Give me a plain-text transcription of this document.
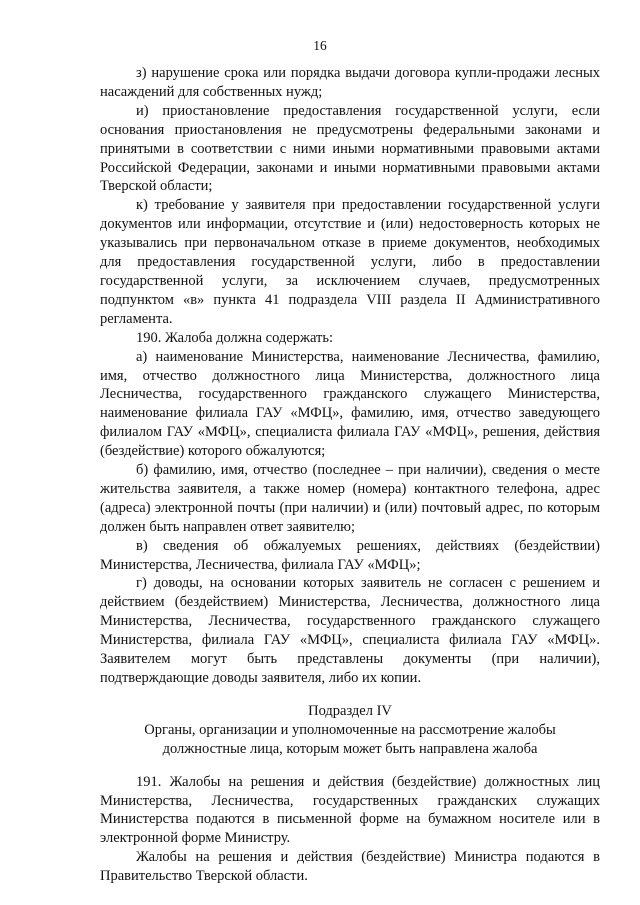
16

з) нарушение срока или порядка выдачи договора купли-продажи лесных насаждений для собственных нужд;

и) приостановление предоставления государственной услуги, если основания приостановления не предусмотрены федеральными законами и принятыми в соответствии с ними иными нормативными правовыми актами Российской Федерации, законами и иными нормативными правовыми актами Тверской области;

к) требование у заявителя при предоставлении государственной услуги документов или информации, отсутствие и (или) недостоверность которых не указывались при первоначальном отказе в приеме документов, необходимых для предоставления государственной услуги, либо в предоставлении государственной услуги, за исключением случаев, предусмотренных подпунктом «в» пункта 41 подраздела VIII раздела II Административного регламента.

190. Жалоба должна содержать:

а) наименование Министерства, наименование Лесничества, фамилию, имя, отчество должностного лица Министерства, должностного лица Лесничества, государственного гражданского служащего Министерства, наименование филиала ГАУ «МФЦ», фамилию, имя, отчество заведующего филиалом ГАУ «МФЦ», специалиста филиала ГАУ «МФЦ», решения, действия (бездействие) которого обжалуются;

б) фамилию, имя, отчество (последнее – при наличии), сведения о месте жительства заявителя, а также номер (номера) контактного телефона, адрес (адреса) электронной почты (при наличии) и (или) почтовый адрес, по которым должен быть направлен ответ заявителю;

в) сведения об обжалуемых решениях, действиях (бездействии) Министерства, Лесничества, филиала ГАУ «МФЦ»;

г) доводы, на основании которых заявитель не согласен с решением и действием (бездействием) Министерства, Лесничества, должностного лица Министерства, Лесничества, государственного гражданского служащего Министерства, филиала ГАУ «МФЦ», специалиста филиала ГАУ «МФЦ». Заявителем могут быть представлены документы (при наличии), подтверждающие доводы заявителя, либо их копии.

Подраздел IV
Органы, организации и уполномоченные на рассмотрение жалобы
должностные лица, которым может быть направлена жалоба

191. Жалобы на решения и действия (бездействие) должностных лиц Министерства, Лесничества, государственных гражданских служащих Министерства подаются в письменной форме на бумажном носителе или в электронной форме Министру.

Жалобы на решения и действия (бездействие) Министра подаются в Правительство Тверской области.
